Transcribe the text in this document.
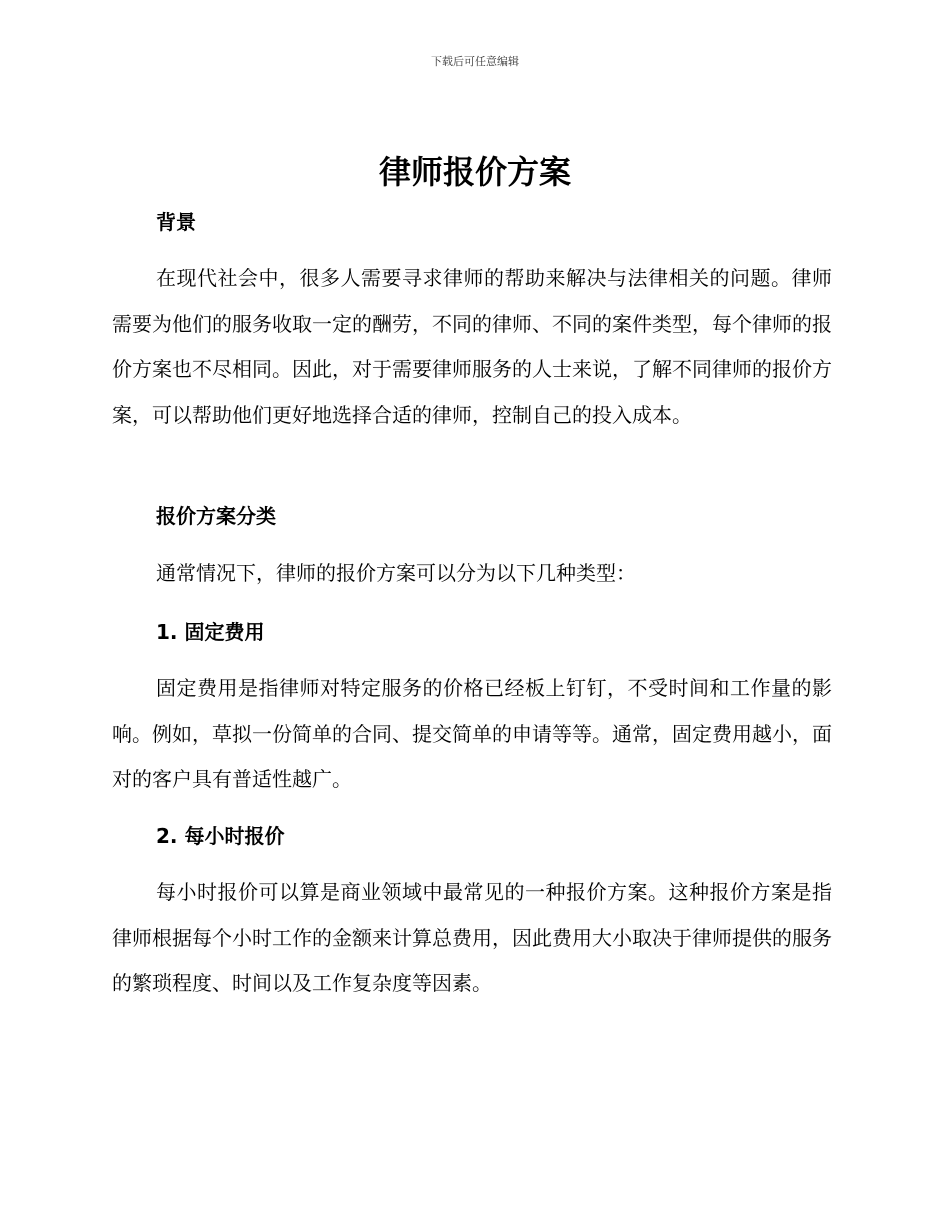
下载后可任意编辑
律师报价方案
背景
在现代社会中，很多人需要寻求律师的帮助来解决与法律相关的问题。律师需要为他们的服务收取一定的酬劳，不同的律师、不同的案件类型，每个律师的报价方案也不尽相同。因此，对于需要律师服务的人士来说，了解不同律师的报价方案，可以帮助他们更好地选择合适的律师，控制自己的投入成本。
报价方案分类
通常情况下，律师的报价方案可以分为以下几种类型：
1. 固定费用
固定费用是指律师对特定服务的价格已经板上钉钉，不受时间和工作量的影响。例如，草拟一份简单的合同、提交简单的申请等等。通常，固定费用越小，面对的客户具有普适性越广。
2. 每小时报价
每小时报价可以算是商业领域中最常见的一种报价方案。这种报价方案是指律师根据每个小时工作的金额来计算总费用，因此费用大小取决于律师提供的服务的繁琐程度、时间以及工作复杂度等因素。
